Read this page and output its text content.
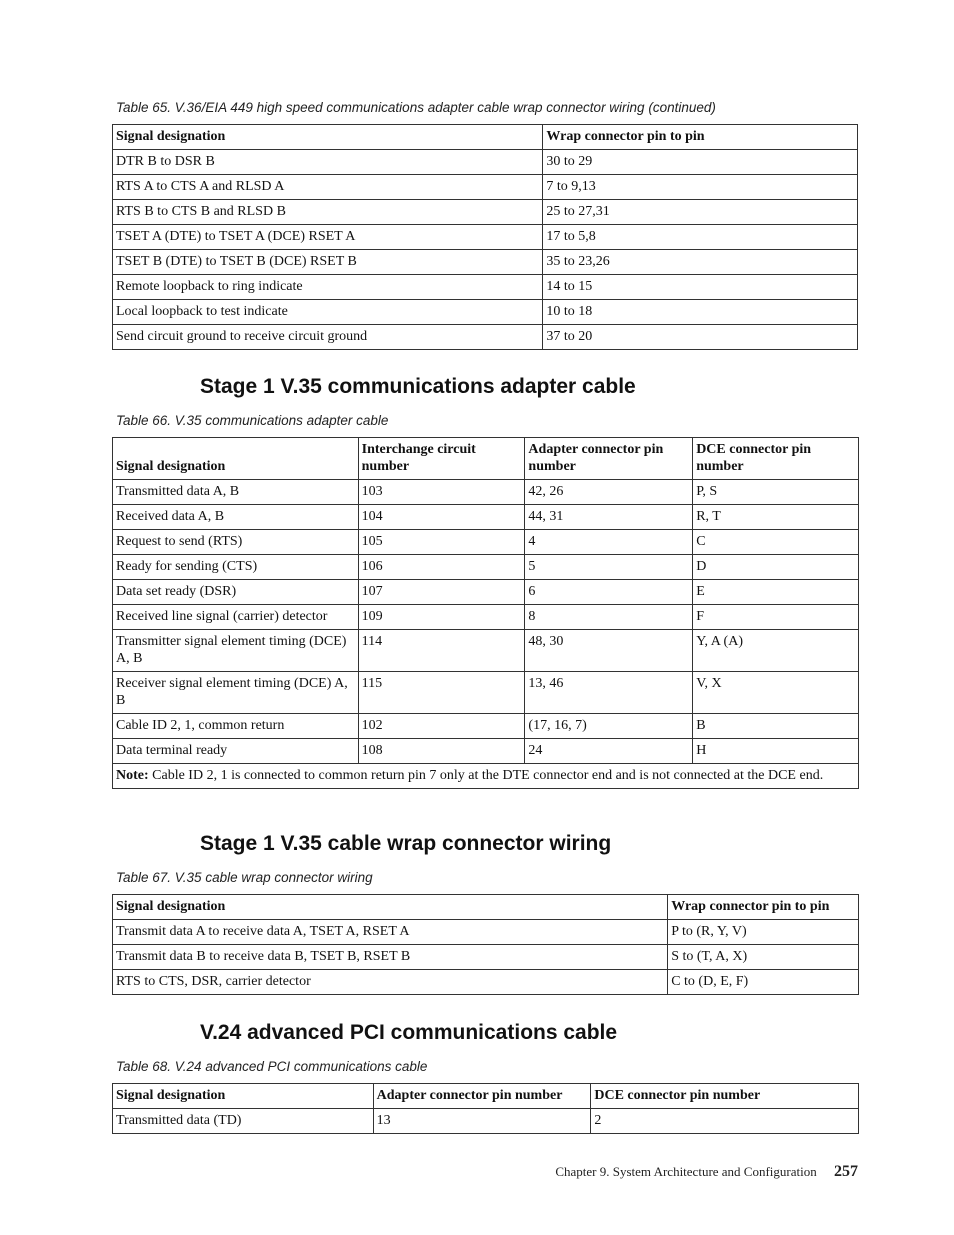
Table 65. V.36/EIA 449 high speed communications adapter cable wrap connector wiring (continued)
Signal designation	Wrap connector pin to pin
DTR B to DSR B	30 to 29
RTS A to CTS A and RLSD A	7 to 9,13
RTS B to CTS B and RLSD B	25 to 27,31
TSET A (DTE) to TSET A (DCE) RSET A	17 to 5,8
TSET B (DTE) to TSET B (DCE) RSET B	35 to 23,26
Remote loopback to ring indicate	14 to 15
Local loopback to test indicate	10 to 18
Send circuit ground to receive circuit ground	37 to 20
Stage 1 V.35 communications adapter cable
Table 66. V.35 communications adapter cable
Signal designation	Interchange circuit number	Adapter connector pin number	DCE connector pin number
Transmitted data A, B	103	42, 26	P, S
Received data A, B	104	44, 31	R, T
Request to send (RTS)	105	4	C
Ready for sending (CTS)	106	5	D
Data set ready (DSR)	107	6	E
Received line signal (carrier) detector	109	8	F
Transmitter signal element timing (DCE) A, B	114	48, 30	Y, A (A)
Receiver signal element timing (DCE) A, B	115	13, 46	V, X
Cable ID 2, 1, common return	102	(17, 16, 7)	B
Data terminal ready	108	24	H
Note: Cable ID 2, 1 is connected to common return pin 7 only at the DTE connector end and is not connected at the DCE end.			
Stage 1 V.35 cable wrap connector wiring
Table 67. V.35 cable wrap connector wiring
Signal designation	Wrap connector pin to pin
Transmit data A to receive data A, TSET A, RSET A	P to (R, Y, V)
Transmit data B to receive data B, TSET B, RSET B	S to (T, A, X)
RTS to CTS, DSR, carrier detector	C to (D, E, F)
V.24 advanced PCI communications cable
Table 68. V.24 advanced PCI communications cable
Signal designation	Adapter connector pin number	DCE connector pin number
Transmitted data (TD)	13	2
Chapter 9. System Architecture and Configuration 257
